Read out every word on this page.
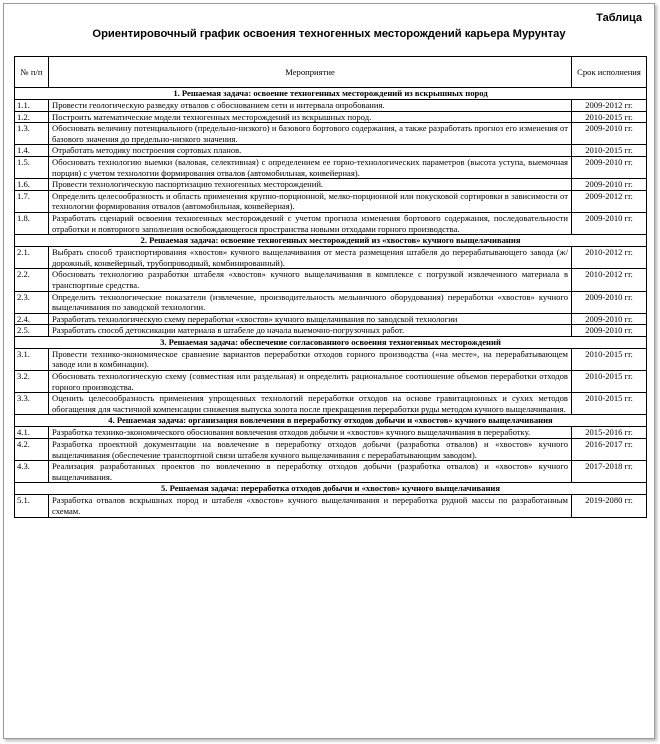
Таблица
Ориентировочный график освоения техногенных месторождений карьера Мурунтау
№ п/п	Мероприятие	Срок исполнения
1. Решаемая задача: освоение техногенных месторождений из вскрышных пород		
1.1.	Провести геологическую разведку отвалов с обоснованием сети и интервала опробования.	2009-2012 гг.
1.2.	Построить математические модели техногенных месторождений из вскрышных пород.	2010-2015 гг.
1.3.	Обосновать величину потенциального (предельно-низкого) и базового бортового содержания, а также разработать прогноз его изменения от базового значения до предельно-низкого значения.	2009-2010 гг.
1.4.	Отработать методику построения сортовых планов.	2010-2015 гг.
1.5.	Обосновать технологию выемки (валовая, селективная) с определением ее горно-технологических параметров (высота уступа, выемочная порция) с учетом технологии формирования отвалов (автомобильная, конвейерная).	2009-2010 гг.
1.6.	Провести технологическую паспортизацию техногенных месторождений.	2009-2010 гг.
1.7.	Определить целесообразность и область применения крупно-порционной, мелко-порционной или покусковой сортировки в зависимости от технологии формирования отвалов (автомобильная, конвейерная).	2009-2012 гг.
1.8.	Разработать сценарий освоения техногенных месторождений с учетом прогноза изменения бортового содержания, последовательности отработки и повторного заполнения освобождающегося пространства новыми отходами горного производства.	2009-2010 гг.
2. Решаемая задача: освоение техногенных месторождений из «хвостов» кучного выщелачивания		
2.1.	Выбрать способ транспортирования «хвостов» кучного выщелачивания от места размещения штабеля до перерабатывающего завода (ж/дорожный, конвейерный, трубопроводный, комбинированный).	2010-2012 гг.
2.2.	Обосновать технологию разработки штабеля «хвостов» кучного выщелачивания в комплексе с погрузкой извлеченного материала в транспортные средства.	2010-2012 гг.
2.3.	Определить технологические показатели (извлечение, производительность мельничного оборудования) переработки «хвостов» кучного выщелачивания по заводской технологии.	2009-2010 гг.
2.4.	Разработать технологическую схему переработки «хвостов» кучного выщелачивания по заводской технологии	2009-2010 гг.
2.5.	Разработать способ детоксикации материала в штабеле до начала выемочно-погрузочных работ.	2009-2010 гг.
3. Решаемая задача: обеспечение согласованного освоения техногенных месторождений		
3.1.	Провести технико-экономическое сравнение вариантов переработки отходов горного производства («на месте», на перерабатывающем заводе или в комбинации).	2010-2015 гг.
3.2.	Обосновать технологическую схему (совместная или раздельная) и определить рациональное соотношение объемов переработки отходов горного производства.	2010-2015 гг.
3.3.	Оценить целесообразность применения упрощенных технологий переработки отходов на основе гравитационных и сухих методов обогащения для частичной компенсации снижения выпуска золота после прекращения переработки руды методом кучного выщелачивания.	2010-2015 гг.
4. Решаемая задача: организация вовлечения в переработку отходов добычи и «хвостов» кучного выщелачивания		
4.1.	Разработка технико-экономического обоснования вовлечения отходов добычи и «хвостов» кучного выщелачивания в переработку.	2015-2016 гг.
4.2.	Разработка проектной документации на вовлечение в переработку отходов добычи (разработка отвалов) и «хвостов» кучного выщелачивания (обеспечение транспортной связи штабеля кучного выщелачивания с перерабатывающим заводом).	2016-2017 гг.
4.3.	Реализация разработанных проектов по вовлечению в переработку отходов добычи (разработка отвалов) и «хвостов» кучного выщелачивания.	2017-2018 гг.
5. Решаемая задача: переработка отходов добычи и «хвостов» кучного выщелачивания		
5.1.	Разработка отвалов вскрышных пород и штабеля «хвостов» кучного выщелачивания и переработка рудной массы по разработанным схемам.	2019-2080 гг.
